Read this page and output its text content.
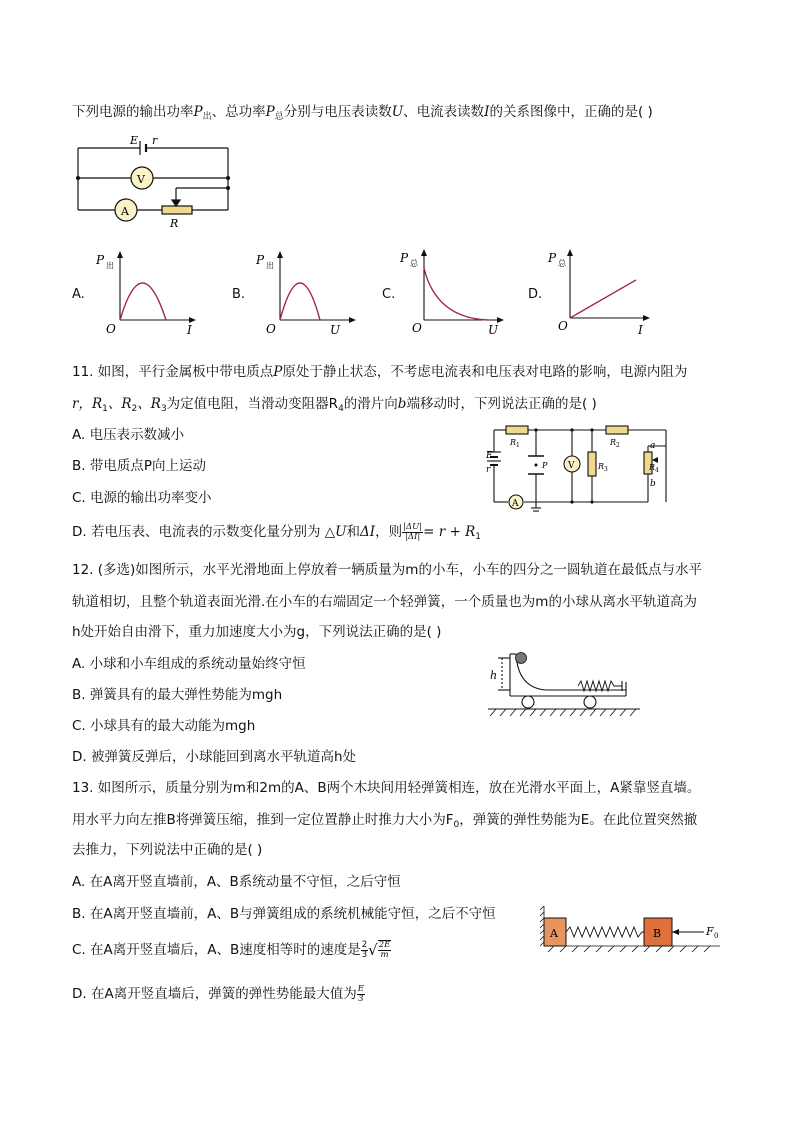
下列电源的输出功率$P_出$、总功率$P_总$分别与电压表读数U、电流表读数I的关系图像中，正确的是( )
E r
V
A
R
A.
P 出
O	I
B.
P 出
O	U
C.
P 总
O	U
D.
P 总
O	I
11. 如图，平行金属板中带电质点P原处于静止状态，不考虑电流表和电压表对电路的影响，电源内阻为
r，$R_1$、$R_2$、$R_3$为定值电阻，当滑动变阻器$R_4$的滑片向b端移动时，下列说法正确的是( )
A. 电压表示数减小
B. 带电质点P向上运动
C. 电源的输出功率变小
D. 若电压表、电流表的示数变化量分别为 △U和ΔI，则 $\frac{|\Delta U|}{|\Delta I|} = r + R_1$
R 1	R 2
R 3	R 4
E
r	P V
A
a
b
12. (多选)如图所示，水平光滑地面上停放着一辆质量为m的小车，小车的四分之一圆轨道在最低点与水平
轨道相切，且整个轨道表面光滑.在小车的右端固定一个轻弹簧，一个质量也为m的小球从离水平轨道高为
h处开始自由滑下，重力加速度大小为g，下列说法正确的是( )
A. 小球和小车组成的系统动量始终守恒
B. 弹簧具有的最大弹性势能为mgh
C. 小球具有的最大动能为mgh
D. 被弹簧反弹后，小球能回到离水平轨道高h处
h
13. 如图所示，质量分别为m和2m的A、B两个木块间用轻弹簧相连，放在光滑水平面上，A紧靠竖直墙。
用水平力向左推B将弹簧压缩，推到一定位置静止时推力大小为$F_0$，弹簧的弹性势能为E。在此位置突然撤
去推力，下列说法中正确的是( )
A. 在A离开竖直墙前，A、B系统动量不守恒，之后守恒
B. 在A离开竖直墙前，A、B与弹簧组成的系统机械能守恒，之后不守恒
C. 在A离开竖直墙后，A、B速度相等时的速度是 $\frac{2}{3}$ √ $\frac{2E}{m}$
D. 在A离开竖直墙后，弹簧的弹性势能最大值为 $\frac{E}{3}$
A	B	F 0
